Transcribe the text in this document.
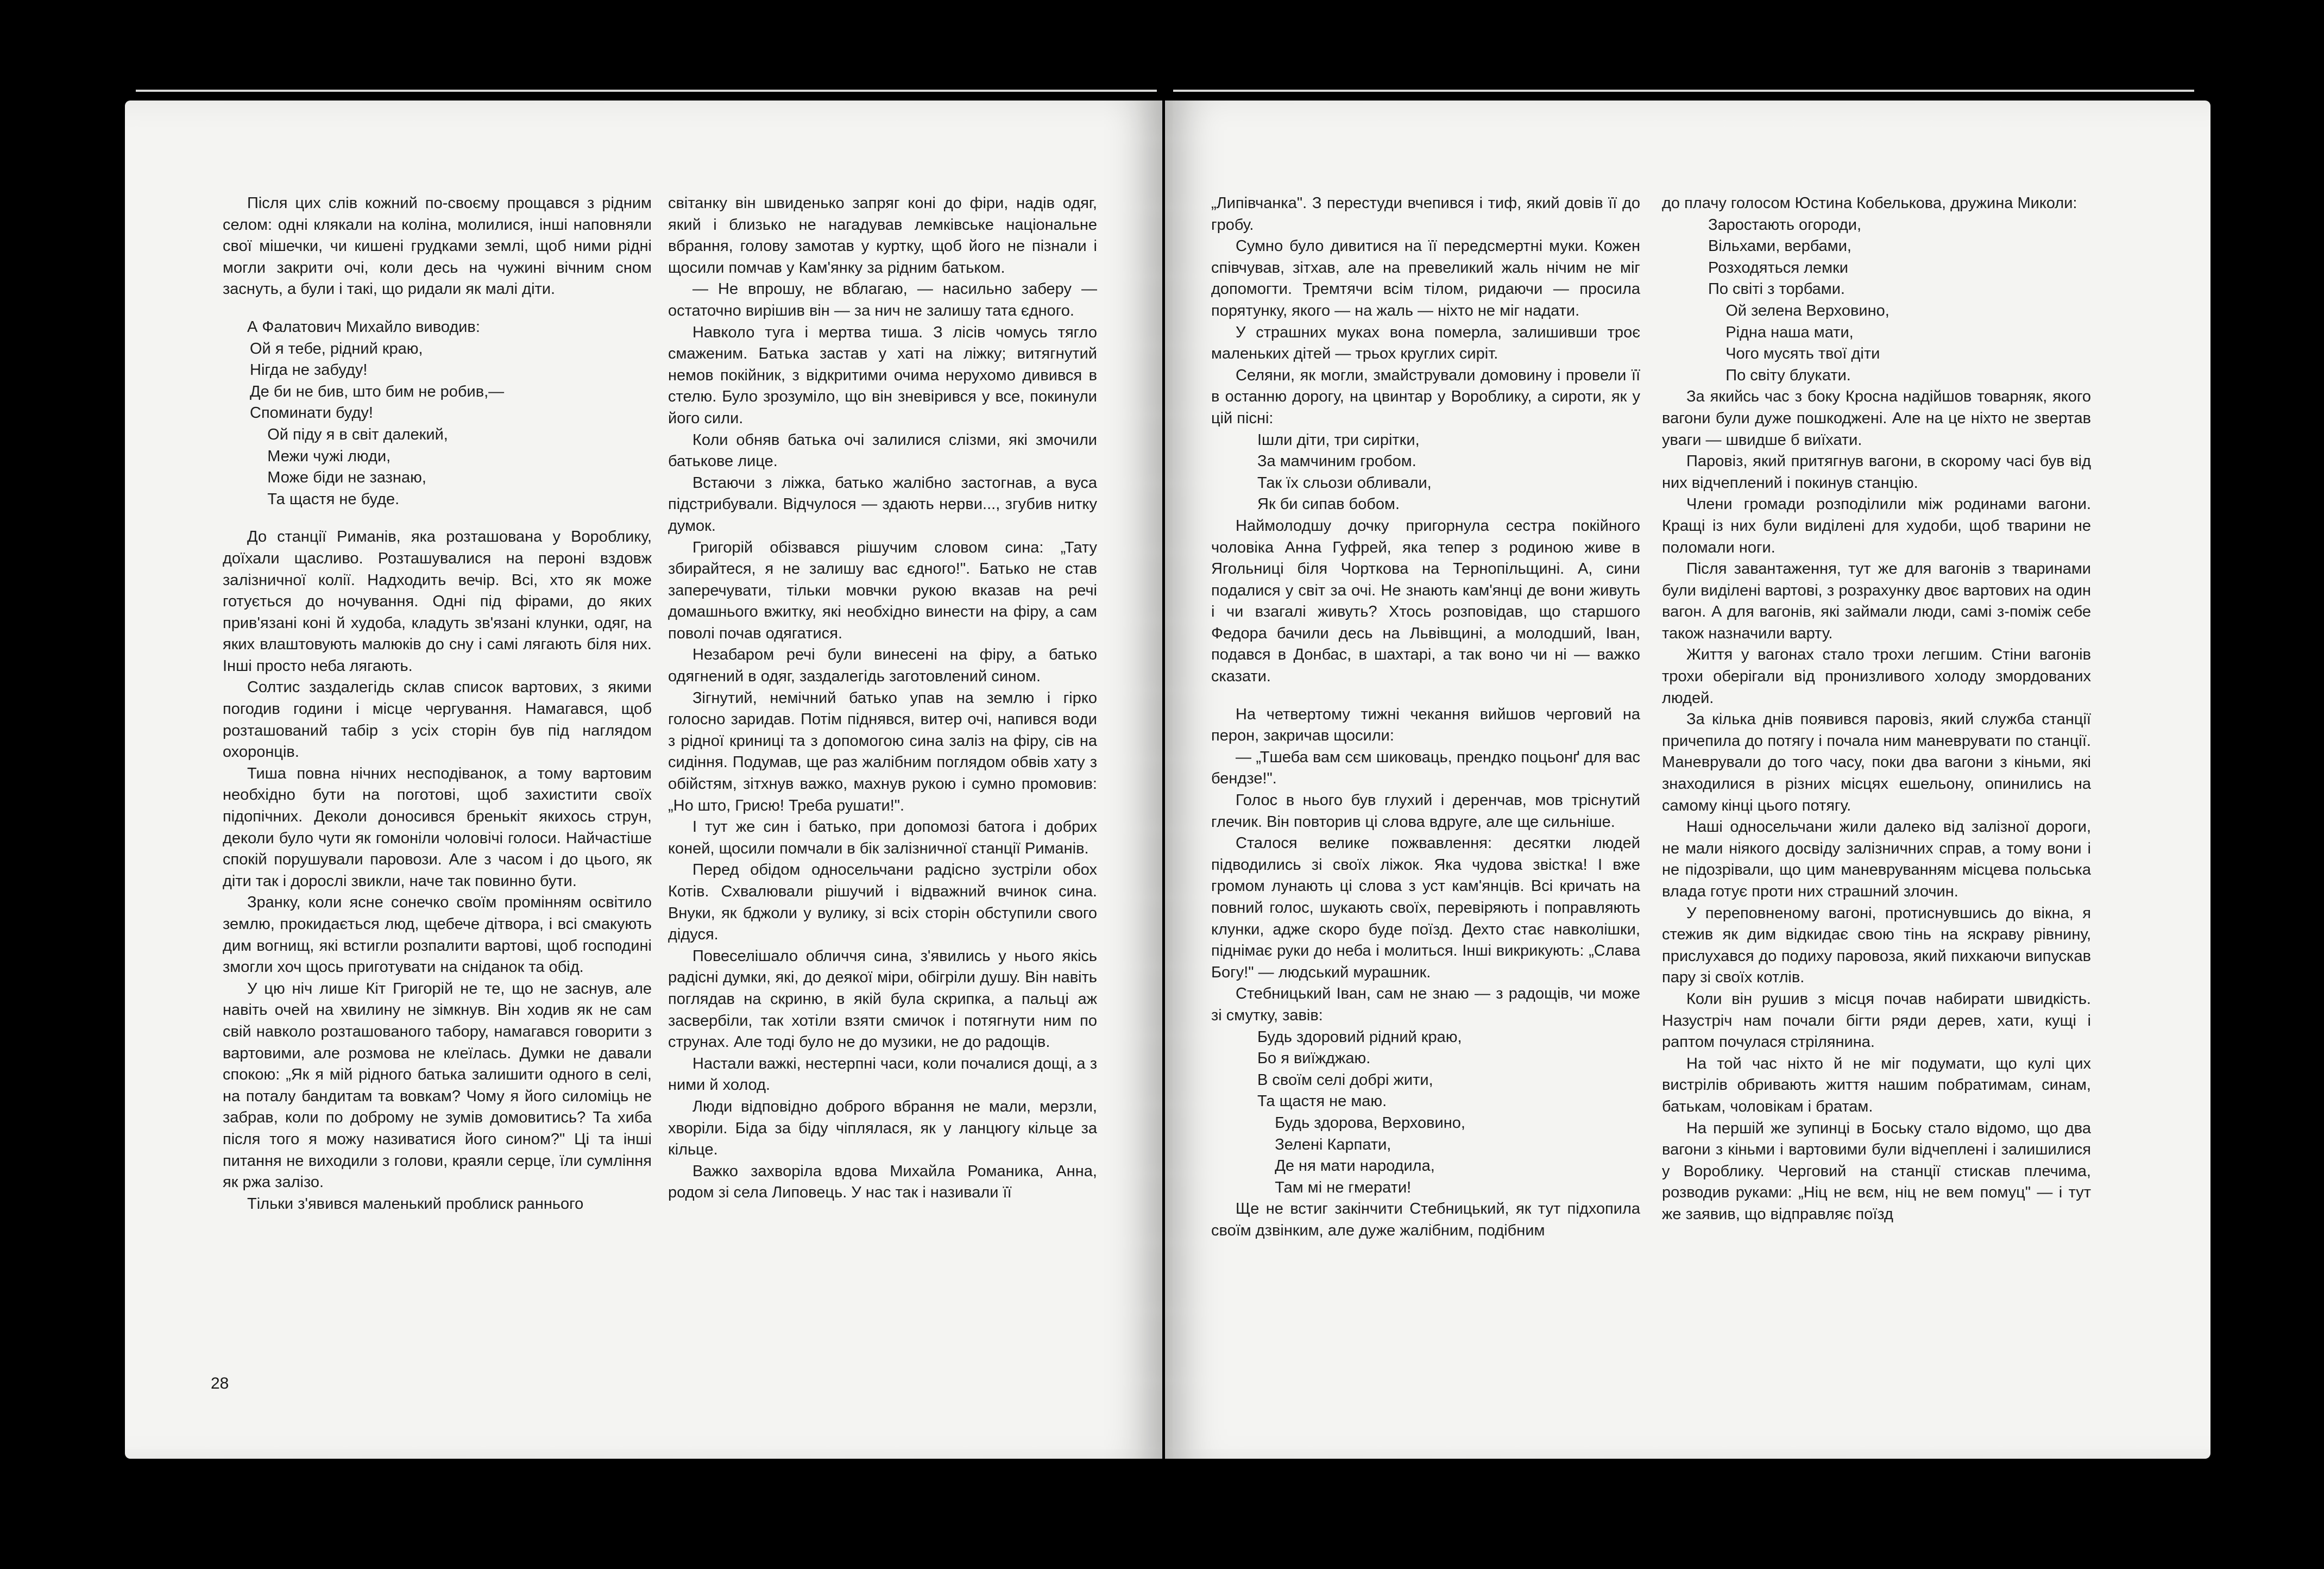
Після цих слів кожний по-своєму прощався з рідним селом: одні клякали на коліна, молилися, інші наповняли свої мішечки, чи кишені грудками землі, щоб ними рідні могли закрити очі, коли десь на чужині вічним сном заснуть, а були і такі, що ридали як малі діти.

А Фалатович Михайло виводив:

Ой я тебе, рідний краю,
Нігда не забуду!
Де би не бив, што бим не робив,—
Споминати буду!
Ой піду я в світ далекий,
Межи чужі люди,
Може біди не зазнаю,
Та щастя не буде.

До станції Риманів, яка розташована у Вороблику, доїхали щасливо. Розташувалися на пероні вздовж залізничної колії. Надходить вечір. Всі, хто як може готується до ночування. Одні під фірами, до яких прив'язані коні й худоба, кладуть зв'язані клунки, одяг, на яких влаштовують малюків до сну і самі лягають біля них. Інші просто неба лягають.

Солтис заздалегідь склав список вартових, з якими погодив години і місце чергування. Намагався, щоб розташований табір з усіх сторін був під наглядом охоронців.

Тиша повна нічних несподіванок, а тому вартовим необхідно бути на поготові, щоб захистити своїх підопічних. Деколи доносився бренькіт якихось струн, деколи було чути як гомоніли чоловічі голоси. Найчастіше спокій порушували паровози. Але з часом і до цього, як діти так і дорослі звикли, наче так повинно бути.

Зранку, коли ясне сонечко своїм промінням освітило землю, прокидається люд, щебече дітвора, і всі смакують дим вогнищ, які встигли розпалити вартові, щоб господині змогли хоч щось приготувати на сніданок та обід.

У цю ніч лише Кіт Григорій не те, що не заснув, але навіть очей на хвилину не зімкнув. Він ходив як не сам свій навколо розташованого табору, намагався говорити з вартовими, але розмова не клеїлась. Думки не давали спокою: „Як я мій рідного батька залишити одного в селі, на поталу бандитам та вовкам? Чому я його силоміць не забрав, коли по доброму не зумів домовитись? Та хиба після того я можу називатися його сином?" Ці та інші питання не виходили з голови, краяли серце, їли сумління як ржа залізо.

Тільки з'явився маленький проблиск раннього

світанку він швиденько запряг коні до фіри, надів одяг, який і близько не нагадував лемківське національне вбрання, голову замотав у куртку, щоб його не пізнали і щосили помчав у Кам'янку за рідним батьком.

— Не впрошу, не вблагаю, — насильно заберу — остаточно вирішив він — за нич не залишу тата єдного.

Навколо туга і мертва тиша. З лісів чомусь тягло смаженим. Батька застав у хаті на ліжку; витягнутий немов покійник, з відкритими очима нерухомо дивився в стелю. Було зрозуміло, що він зневірився у все, покинули його сили.

Коли обняв батька очі залилися слізми, які змочили батькове лице.

Встаючи з ліжка, батько жалібно застогнав, а вуса підстрибували. Відчулося — здають нерви..., згубив нитку думок.

Григорій обізвався рішучим словом сина: „Тату збирайтеся, я не залишу вас єдного!". Батько не став заперечувати, тільки мовчки рукою вказав на речі домашнього вжитку, які необхідно винести на фіру, а сам поволі почав одягатися.

Незабаром речі були винесені на фіру, а батько одягнений в одяг, заздалегідь заготовлений сином.

Зігнутий, немічний батько упав на землю і гірко голосно заридав. Потім піднявся, витер очі, напився води з рідної криниці та з допомогою сина заліз на фіру, сів на сидіння. Подумав, ще раз жалібним поглядом обвів хату з обійстям, зітхнув важко, махнув рукою і сумно промовив: „Но што, Грисю! Треба рушати!".

І тут же син і батько, при допомозі батога і добрих коней, щосили помчали в бік залізничної станції Риманів.

Перед обідом односельчани радісно зустріли обох Котів. Схвалювали рішучий і відважний вчинок сина. Внуки, як бджоли у вулику, зі всіх сторін обступили свого дідуся.

Повеселішало обличчя сина, з'явились у нього якісь радісні думки, які, до деякої міри, обігріли душу. Він навіть поглядав на скриню, в якій була скрипка, а пальці аж засвербіли, так хотіли взяти смичок і потягнути ним по струнах. Але тоді було не до музики, не до радощів.

Настали важкі, нестерпні часи, коли почалися дощі, а з ними й холод.

Люди відповідно доброго вбрання не мали, мерзли, хворіли. Біда за біду чіплялася, як у ланцюгу кільце за кільце.

Важко захворіла вдова Михайла Романика, Анна, родом зі села Липовець. У нас так і називали її

28

„Липівчанка". З перестуди вчепився і тиф, який довів її до гробу.

Сумно було дивитися на її передсмертні муки. Кожен співчував, зітхав, але на превеликий жаль нічим не міг допомогти. Тремтячи всім тілом, ридаючи — просила порятунку, якого — на жаль — ніхто не міг надати.

У страшних муках вона померла, залишивши троє маленьких дітей — трьох круглих сиріт.

Селяни, як могли, змайстрували домовину і провели її в останню дорогу, на цвинтар у Вороблику, а сироти, як у цій пісні:

Ішли діти, три сирітки,
За мамчиним гробом.
Так їх сльози обливали,
Як би сипав бобом.

Наймолодшу дочку пригорнула сестра покійного чоловіка Анна Гуфрей, яка тепер з родиною живе в Ягольниці біля Чорткова на Тернопільщині. А, сини подалися у світ за очі. Не знають кам'янці де вони живуть і чи взагалі живуть? Хтось розповідав, що старшого Федора бачили десь на Львівщині, а молодший, Іван, подався в Донбас, в шахтарі, а так воно чи ні — важко сказати.

На четвертому тижні чекання вийшов черговий на перон, закричав щосили:

— „Тшеба вам сєм шиковаць, прендко поцьонґ для вас бендзе!".

Голос в нього був глухий і деренчав, мов тріснутий глечик. Він повторив ці слова вдруге, але ще сильніше.

Сталося велике пожвавлення: десятки людей підводились зі своїх ліжок. Яка чудова звістка! І вже громом лунають ці слова з уст кам'янців. Всі кричать на повний голос, шукають своїх, перевіряють і поправляють клунки, адже скоро буде поїзд. Дехто стає навколішки, піднімає руки до неба і молиться. Інші викрикують: „Слава Богу!" — людський мурашник.

Стебницький Іван, сам не знаю — з радощів, чи може зі смутку, завів:

Будь здоровий рідний краю,
Бо я виїжджаю.
В своїм селі добрі жити,
Та щастя не маю.
Будь здорова, Верховино,
Зелені Карпати,
Де ня мати народила,
Там мі не гмерати!

Ще не встиг закінчити Стебницький, як тут підхопила своїм дзвінким, але дуже жалібним, подібним

до плачу голосом Юстина Кобелькова, дружина Миколи:

Заростають огороди,
Вільхами, вербами,
Розходяться лемки
По світі з торбами.
Ой зелена Верховино,
Рідна наша мати,
Чого мусять твої діти
По світу блукати.

За якийсь час з боку Кросна надійшов товарняк, якого вагони були дуже пошкоджені. Але на це ніхто не звертав уваги — швидше б виїхати.

Паровіз, який притягнув вагони, в скорому часі був від них відчеплений і покинув станцію.

Члени громади розподілили між родинами вагони. Кращі із них були виділені для худоби, щоб тварини не поломали ноги.

Після завантаження, тут же для вагонів з тваринами були виділені вартові, з розрахунку двоє вартових на один вагон. А для вагонів, які займали люди, самі з-поміж себе також назначили варту.

Життя у вагонах стало трохи легшим. Стіни вагонів трохи оберігали від пронизливого холоду змордованих людей.

За кілька днів появився паровіз, який служба станції причепила до потягу і почала ним маневрувати по станції. Маневрували до того часу, поки два вагони з кіньми, які знаходилися в різних місцях ешельону, опинились на самому кінці цього потягу.

Наші односельчани жили далеко від залізної дороги, не мали ніякого досвіду залізничних справ, а тому вони і не підозрівали, що цим маневруванням місцева польська влада готує проти них страшний злочин.

У переповненому вагоні, протиснувшись до вікна, я стежив як дим відкидає свою тінь на яскраву рівнину, прислухався до подиху паровоза, який пихкаючи випускав пару зі своїх котлів.

Коли він рушив з місця почав набирати швидкість. Назустріч нам почали бігти ряди дерев, хати, кущі і раптом почулася стрілянина.

На той час ніхто й не міг подумати, що кулі цих вистрілів обривають життя нашим побратимам, синам, батькам, чоловікам і братам.

На першій же зупинці в Боську стало відомо, що два вагони з кіньми і вартовими були відчеплені і залишилися у Вороблику. Черговий на станції стискав плечима, розводив руками: „Ніц не вєм, ніц не вем помуц" — і тут же заявив, що відправляє поїзд
